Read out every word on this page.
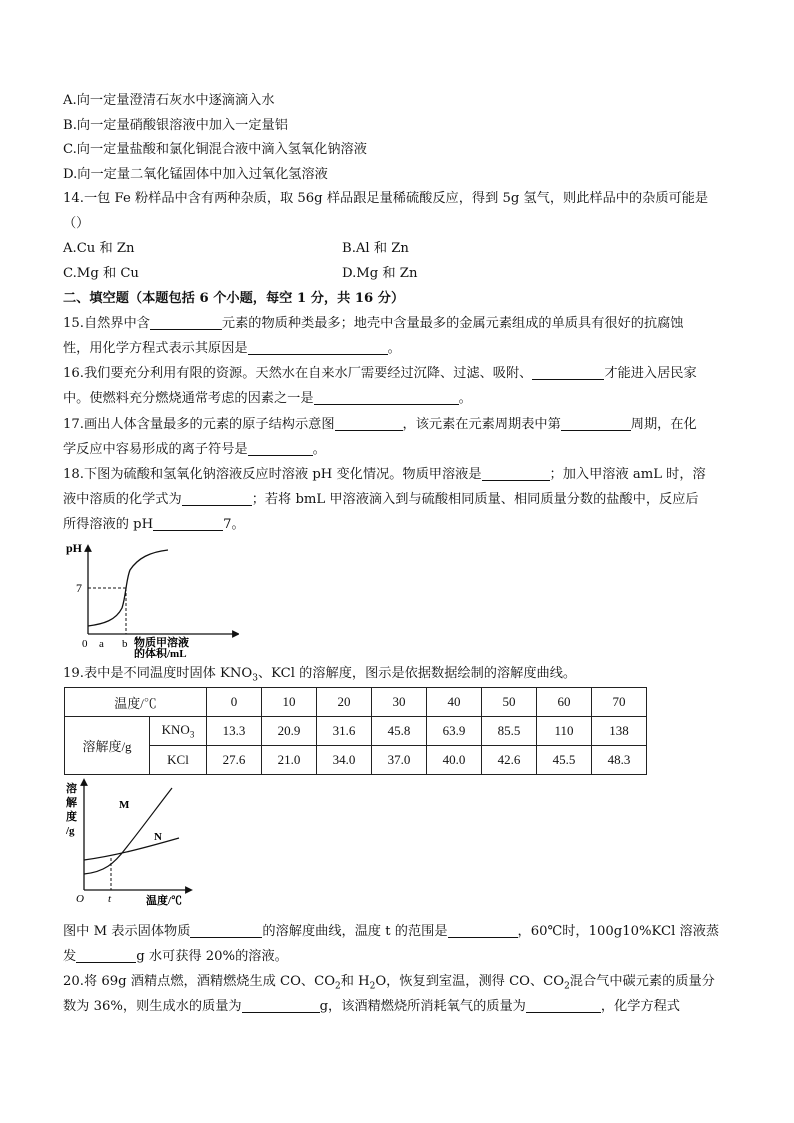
A.向一定量澄清石灰水中逐滴滴入水
B.向一定量硝酸银溶液中加入一定量铝
C.向一定量盐酸和氯化铜混合液中滴入氢氧化钠溶液
D.向一定量二氧化锰固体中加入过氧化氢溶液
14.一包 Fe 粉样品中含有两种杂质，取 56g 样品跟足量稀硫酸反应，得到 5g 氢气，则此样品中的杂质可能是
（）
A.Cu 和 Zn	B.Al 和 Zn
C.Mg 和 Cu	D.Mg 和 Zn
二、填空题（本题包括 6 个小题，每空 1 分，共 16 分）
15.自然界中含	元素的物质种类最多；地壳中含量最多的金属元素组成的单质具有很好的抗腐蚀
性，用化学方程式表示其原因是	。
16.我们要充分利用有限的资源。天然水在自来水厂需要经过沉降、过滤、吸附、	才能进入居民家
中。使燃料充分燃烧通常考虑的因素之一是	。
17.画出人体含量最多的元素的原子结构示意图	，该元素在元素周期表中第	周期，在化
学反应中容易形成的离子符号是	。
18.下图为硫酸和氢氧化钠溶液反应时溶液 pH 变化情况。物质甲溶液是	；加入甲溶液 amL 时，溶
液中溶质的化学式为	；若将 bmL 甲溶液滴入到与硫酸相同质量、相同质量分数的盐酸中，反应后
所得溶液的 pH	7。
pH
7
0 a b 物质甲溶液
的体积/mL
19.表中是不同温度时固体 $KNO_3$、KCl 的溶解度，图示是依据数据绘制的溶解度曲线。
温度/℃		0	10	20	30	40	50	60	70
溶解度/g	$KNO_3$	13.3	20.9	31.6	45.8	63.9	85.5	110	138
	KCl	27.6	21.0	34.0	37.0	40.0	42.6	45.5	48.3
溶
解
度
/g
M
N
O t	温度/℃
图中 M 表示固体物质	的溶解度曲线，温度 t 的范围是	，60℃时，100g10%KCl 溶液蒸
发	g 水可获得 20%的溶液。
20.将 69g 酒精点燃，酒精燃烧生成 CO、$CO_2$和 $H_2O$，恢复到室温，测得 CO、$CO_2$混合气中碳元素的质量分
数为 36%，则生成水的质量为	g，该酒精燃烧所消耗氧气的质量为	，化学方程式
